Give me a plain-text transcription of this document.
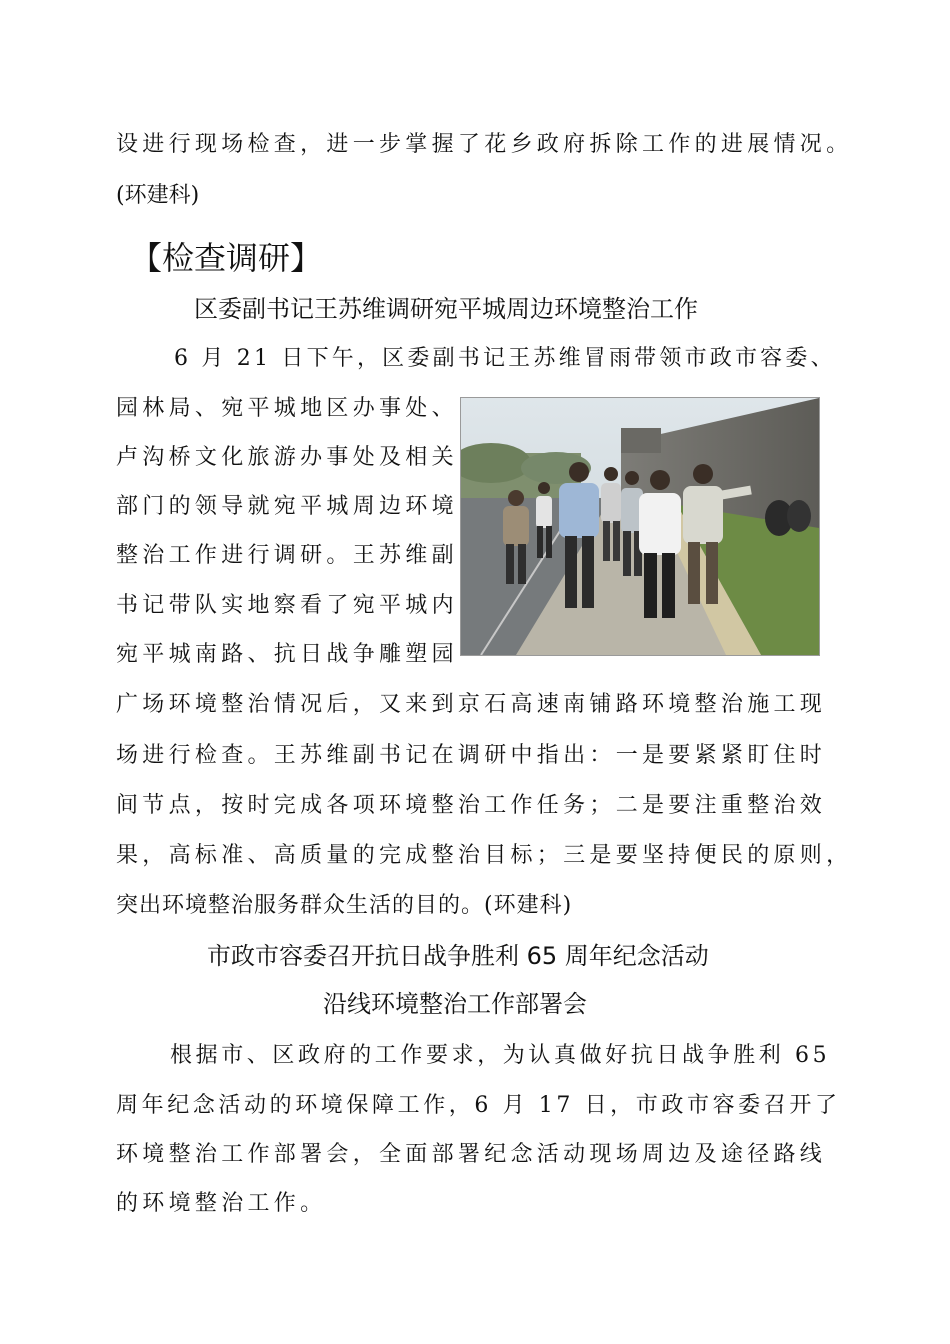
设进行现场检查，进一步掌握了花乡政府拆除工作的进展情况。
(环建科)
【检查调研】
区委副书记王苏维调研宛平城周边环境整治工作
6 月 21 日下午，区委副书记王苏维冒雨带领市政市容委、
园林局、宛平城地区办事处、
卢沟桥文化旅游办事处及相关
部门的领导就宛平城周边环境
整治工作进行调研。王苏维副
书记带队实地察看了宛平城内
宛平城南路、抗日战争雕塑园
广场环境整治情况后，又来到京石高速南铺路环境整治施工现
场进行检查。王苏维副书记在调研中指出：一是要紧紧盯住时
间节点，按时完成各项环境整治工作任务；二是要注重整治效
果，高标准、高质量的完成整治目标；三是要坚持便民的原则，
突出环境整治服务群众生活的目的。(环建科)
市政市容委召开抗日战争胜利 65 周年纪念活动
沿线环境整治工作部署会
根据市、区政府的工作要求，为认真做好抗日战争胜利 65
周年纪念活动的环境保障工作，6 月 17 日，市政市容委召开了
环境整治工作部署会，全面部署纪念活动现场周边及途径路线
的环境整治工作。
